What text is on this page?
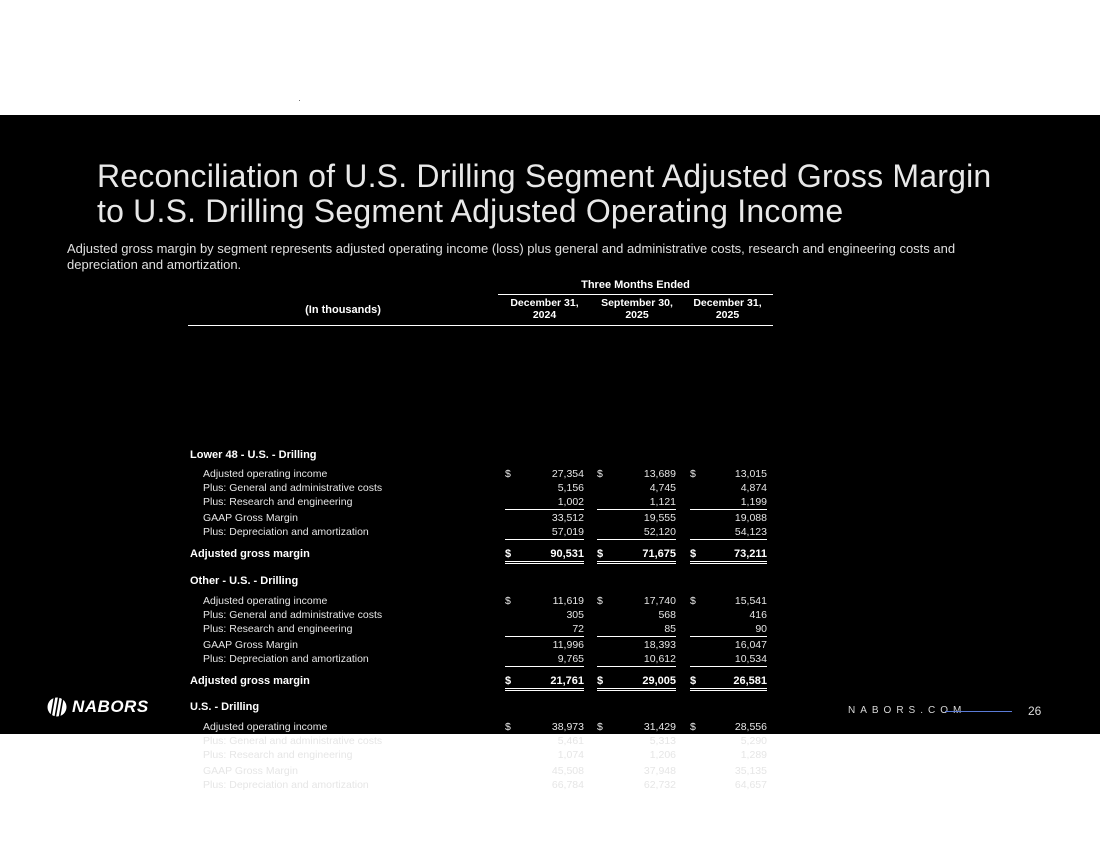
Reconciliation of U.S. Drilling Segment Adjusted Gross Margin
to U.S. Drilling Segment Adjusted Operating Income

Adjusted gross margin by segment represents adjusted operating income (loss) plus general and administrative costs, research and engineering costs and depreciation and amortization.

Three Months Ended
(In thousands)
December 31,
2024
September 30,
2025
December 31,
2025
Lower 48 - U.S. - Drilling
Adjusted operating income	$	27,354 $	13,689 $	13,015
Plus: General and administrative costs	5,156	4,745	4,874
Plus: Research and engineering	1,002	1,121	1,199
GAAP Gross Margin	33,512	19,555	19,088
Plus: Depreciation and amortization	57,019	52,120	54,123
Adjusted gross margin	$	90,531 $	71,675 $	73,211
Other - U.S. - Drilling
Adjusted operating income	$	11,619 $	17,740 $	15,541
Plus: General and administrative costs	305	568	416
Plus: Research and engineering	72	85	90
GAAP Gross Margin	11,996	18,393	16,047
Plus: Depreciation and amortization	9,765	10,612	10,534
Adjusted gross margin	$	21,761 $	29,005 $	26,581
U.S. - Drilling
Adjusted operating income	$	38,973 $	31,429 $	28,556
Plus: General and administrative costs	5,461	5,313	5,290
Plus: Research and engineering	1,074	1,206	1,289
GAAP Gross Margin	45,508	37,948	35,135
Plus: Depreciation and amortization	66,784	62,732	64,657
Adjusted gross margin	$	112,292 $	100,680 $	99,792
NABORS	NABORS.COM	26
